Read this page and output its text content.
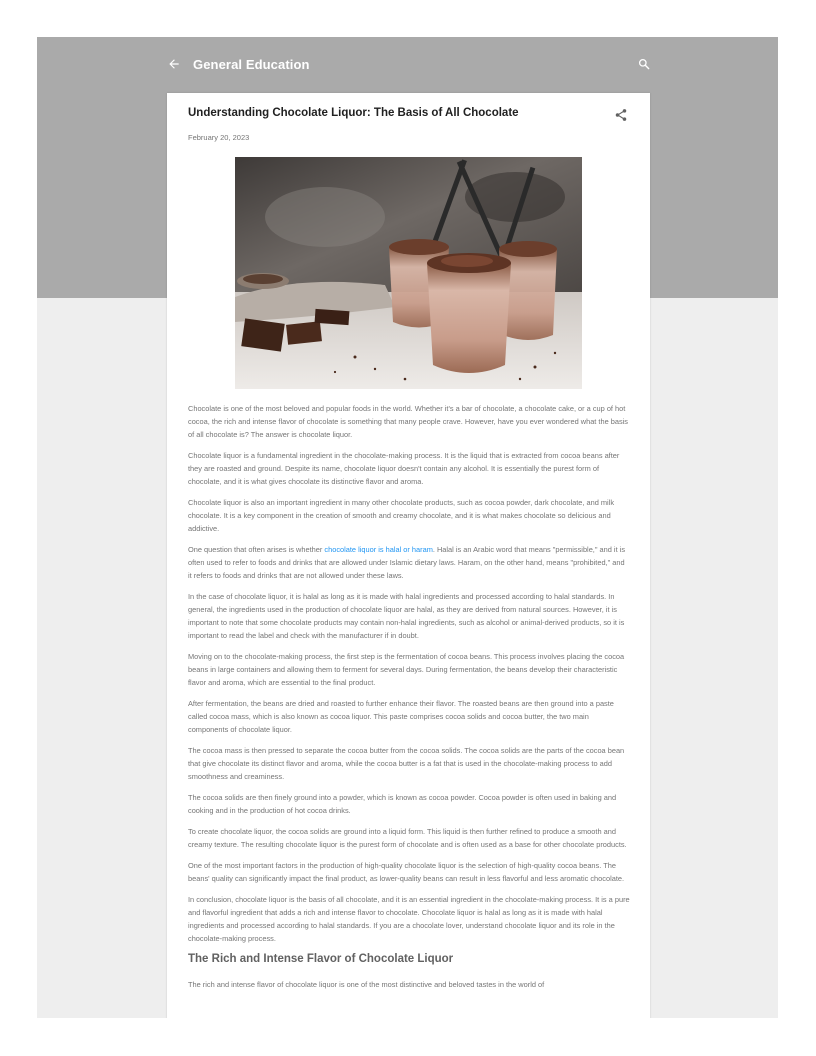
General Education
Understanding Chocolate Liquor: The Basis of All Chocolate
February 20, 2023

Chocolate is one of the most beloved and popular foods in the world. Whether it's a bar of chocolate, a chocolate cake, or a cup of hot cocoa, the rich and intense flavor of chocolate is something that many people crave. However, have you ever wondered what the basis of all chocolate is? The answer is chocolate liquor.

Chocolate liquor is a fundamental ingredient in the chocolate-making process. It is the liquid that is extracted from cocoa beans after they are roasted and ground. Despite its name, chocolate liquor doesn't contain any alcohol. It is essentially the purest form of chocolate, and it is what gives chocolate its distinctive flavor and aroma.

Chocolate liquor is also an important ingredient in many other chocolate products, such as cocoa powder, dark chocolate, and milk chocolate. It is a key component in the creation of smooth and creamy chocolate, and it is what makes chocolate so delicious and addictive.

One question that often arises is whether chocolate liquor is halal or haram. Halal is an Arabic word that means "permissible," and it is often used to refer to foods and drinks that are allowed under Islamic dietary laws. Haram, on the other hand, means "prohibited," and it refers to foods and drinks that are not allowed under these laws.

In the case of chocolate liquor, it is halal as long as it is made with halal ingredients and processed according to halal standards. In general, the ingredients used in the production of chocolate liquor are halal, as they are derived from natural sources. However, it is important to note that some chocolate products may contain non-halal ingredients, such as alcohol or animal-derived products, so it is important to read the label and check with the manufacturer if in doubt.

Moving on to the chocolate-making process, the first step is the fermentation of cocoa beans. This process involves placing the cocoa beans in large containers and allowing them to ferment for several days. During fermentation, the beans develop their characteristic flavor and aroma, which are essential to the final product.

After fermentation, the beans are dried and roasted to further enhance their flavor. The roasted beans are then ground into a paste called cocoa mass, which is also known as cocoa liquor. This paste comprises cocoa solids and cocoa butter, the two main components of chocolate liquor.

The cocoa mass is then pressed to separate the cocoa butter from the cocoa solids. The cocoa solids are the parts of the cocoa bean that give chocolate its distinct flavor and aroma, while the cocoa butter is a fat that is used in the chocolate-making process to add smoothness and creaminess.

The cocoa solids are then finely ground into a powder, which is known as cocoa powder. Cocoa powder is often used in baking and cooking and in the production of hot cocoa drinks.

To create chocolate liquor, the cocoa solids are ground into a liquid form. This liquid is then further refined to produce a smooth and creamy texture. The resulting chocolate liquor is the purest form of chocolate and is often used as a base for other chocolate products.

One of the most important factors in the production of high-quality chocolate liquor is the selection of high-quality cocoa beans. The beans' quality can significantly impact the final product, as lower-quality beans can result in less flavorful and less aromatic chocolate.

In conclusion, chocolate liquor is the basis of all chocolate, and it is an essential ingredient in the chocolate-making process. It is a pure and flavorful ingredient that adds a rich and intense flavor to chocolate. Chocolate liquor is halal as long as it is made with halal ingredients and processed according to halal standards. If you are a chocolate lover, understand chocolate liquor and its role in the chocolate-making process.

The Rich and Intense Flavor of Chocolate Liquor

The rich and intense flavor of chocolate liquor is one of the most distinctive and beloved tastes in the world of
